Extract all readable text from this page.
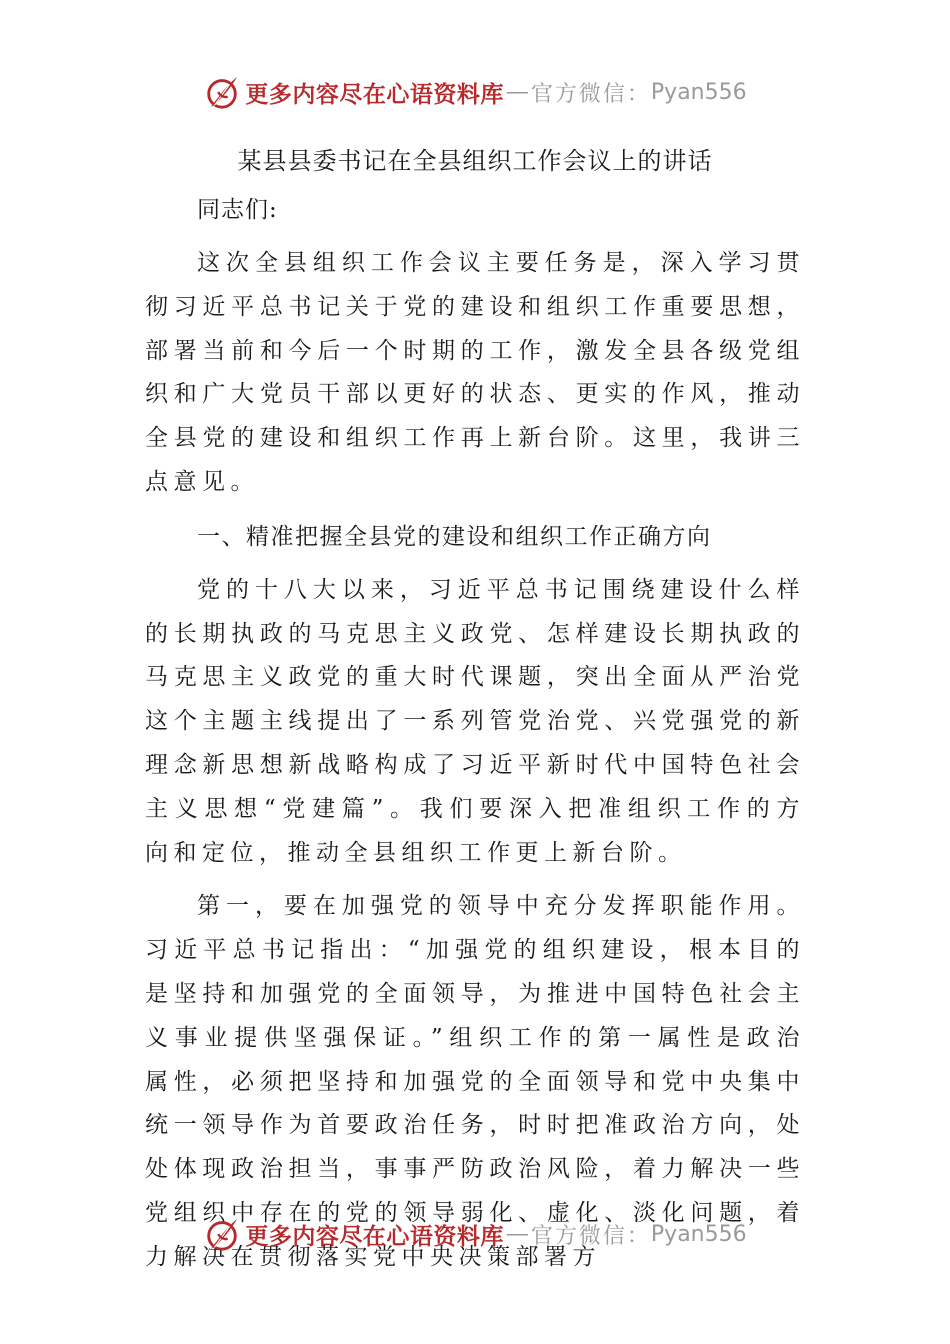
更多内容尽在心语资料库 — 官方微信： Pyan556
某县县委书记在全县组织工作会议上的讲话
同志们:

这次全县组织工作会议主要任务是，深入学习贯彻习近平总书记关于党的建设和组织工作重要思想，部署当前和今后一个时期的工作，激发全县各级党组织和广大党员干部以更好的状态、更实的作风，推动全县党的建设和组织工作再上新台阶。这里，我讲三点意见。

一、精准把握全县党的建设和组织工作正确方向

党的十八大以来，习近平总书记围绕建设什么样的长期执政的马克思主义政党、怎样建设长期执政的马克思主义政党的重大时代课题，突出全面从严治党这个主题主线提出了一系列管党治党、兴党强党的新理念新思想新战略构成了习近平新时代中国特色社会主义思想“党建篇”。我们要深入把准组织工作的方向和定位，推动全县组织工作更上新台阶。

第一，要在加强党的领导中充分发挥职能作用。习近平总书记指出：“加强党的组织建设，根本目的是坚持和加强党的全面领导，为推进中国特色社会主义事业提供坚强保证。”组织工作的第一属性是政治属性，必须把坚持和加强党的全面领导和党中央集中统一领导作为首要政治任务，时时把准政治方向，处处体现政治担当，事事严防政治风险，着力解决一些党组织中存在的党的领导弱化、虚化、淡化问题，着力解决在贯彻落实党中央决策部署方

更多内容尽在心语资料库 — 官方微信： Pyan556
